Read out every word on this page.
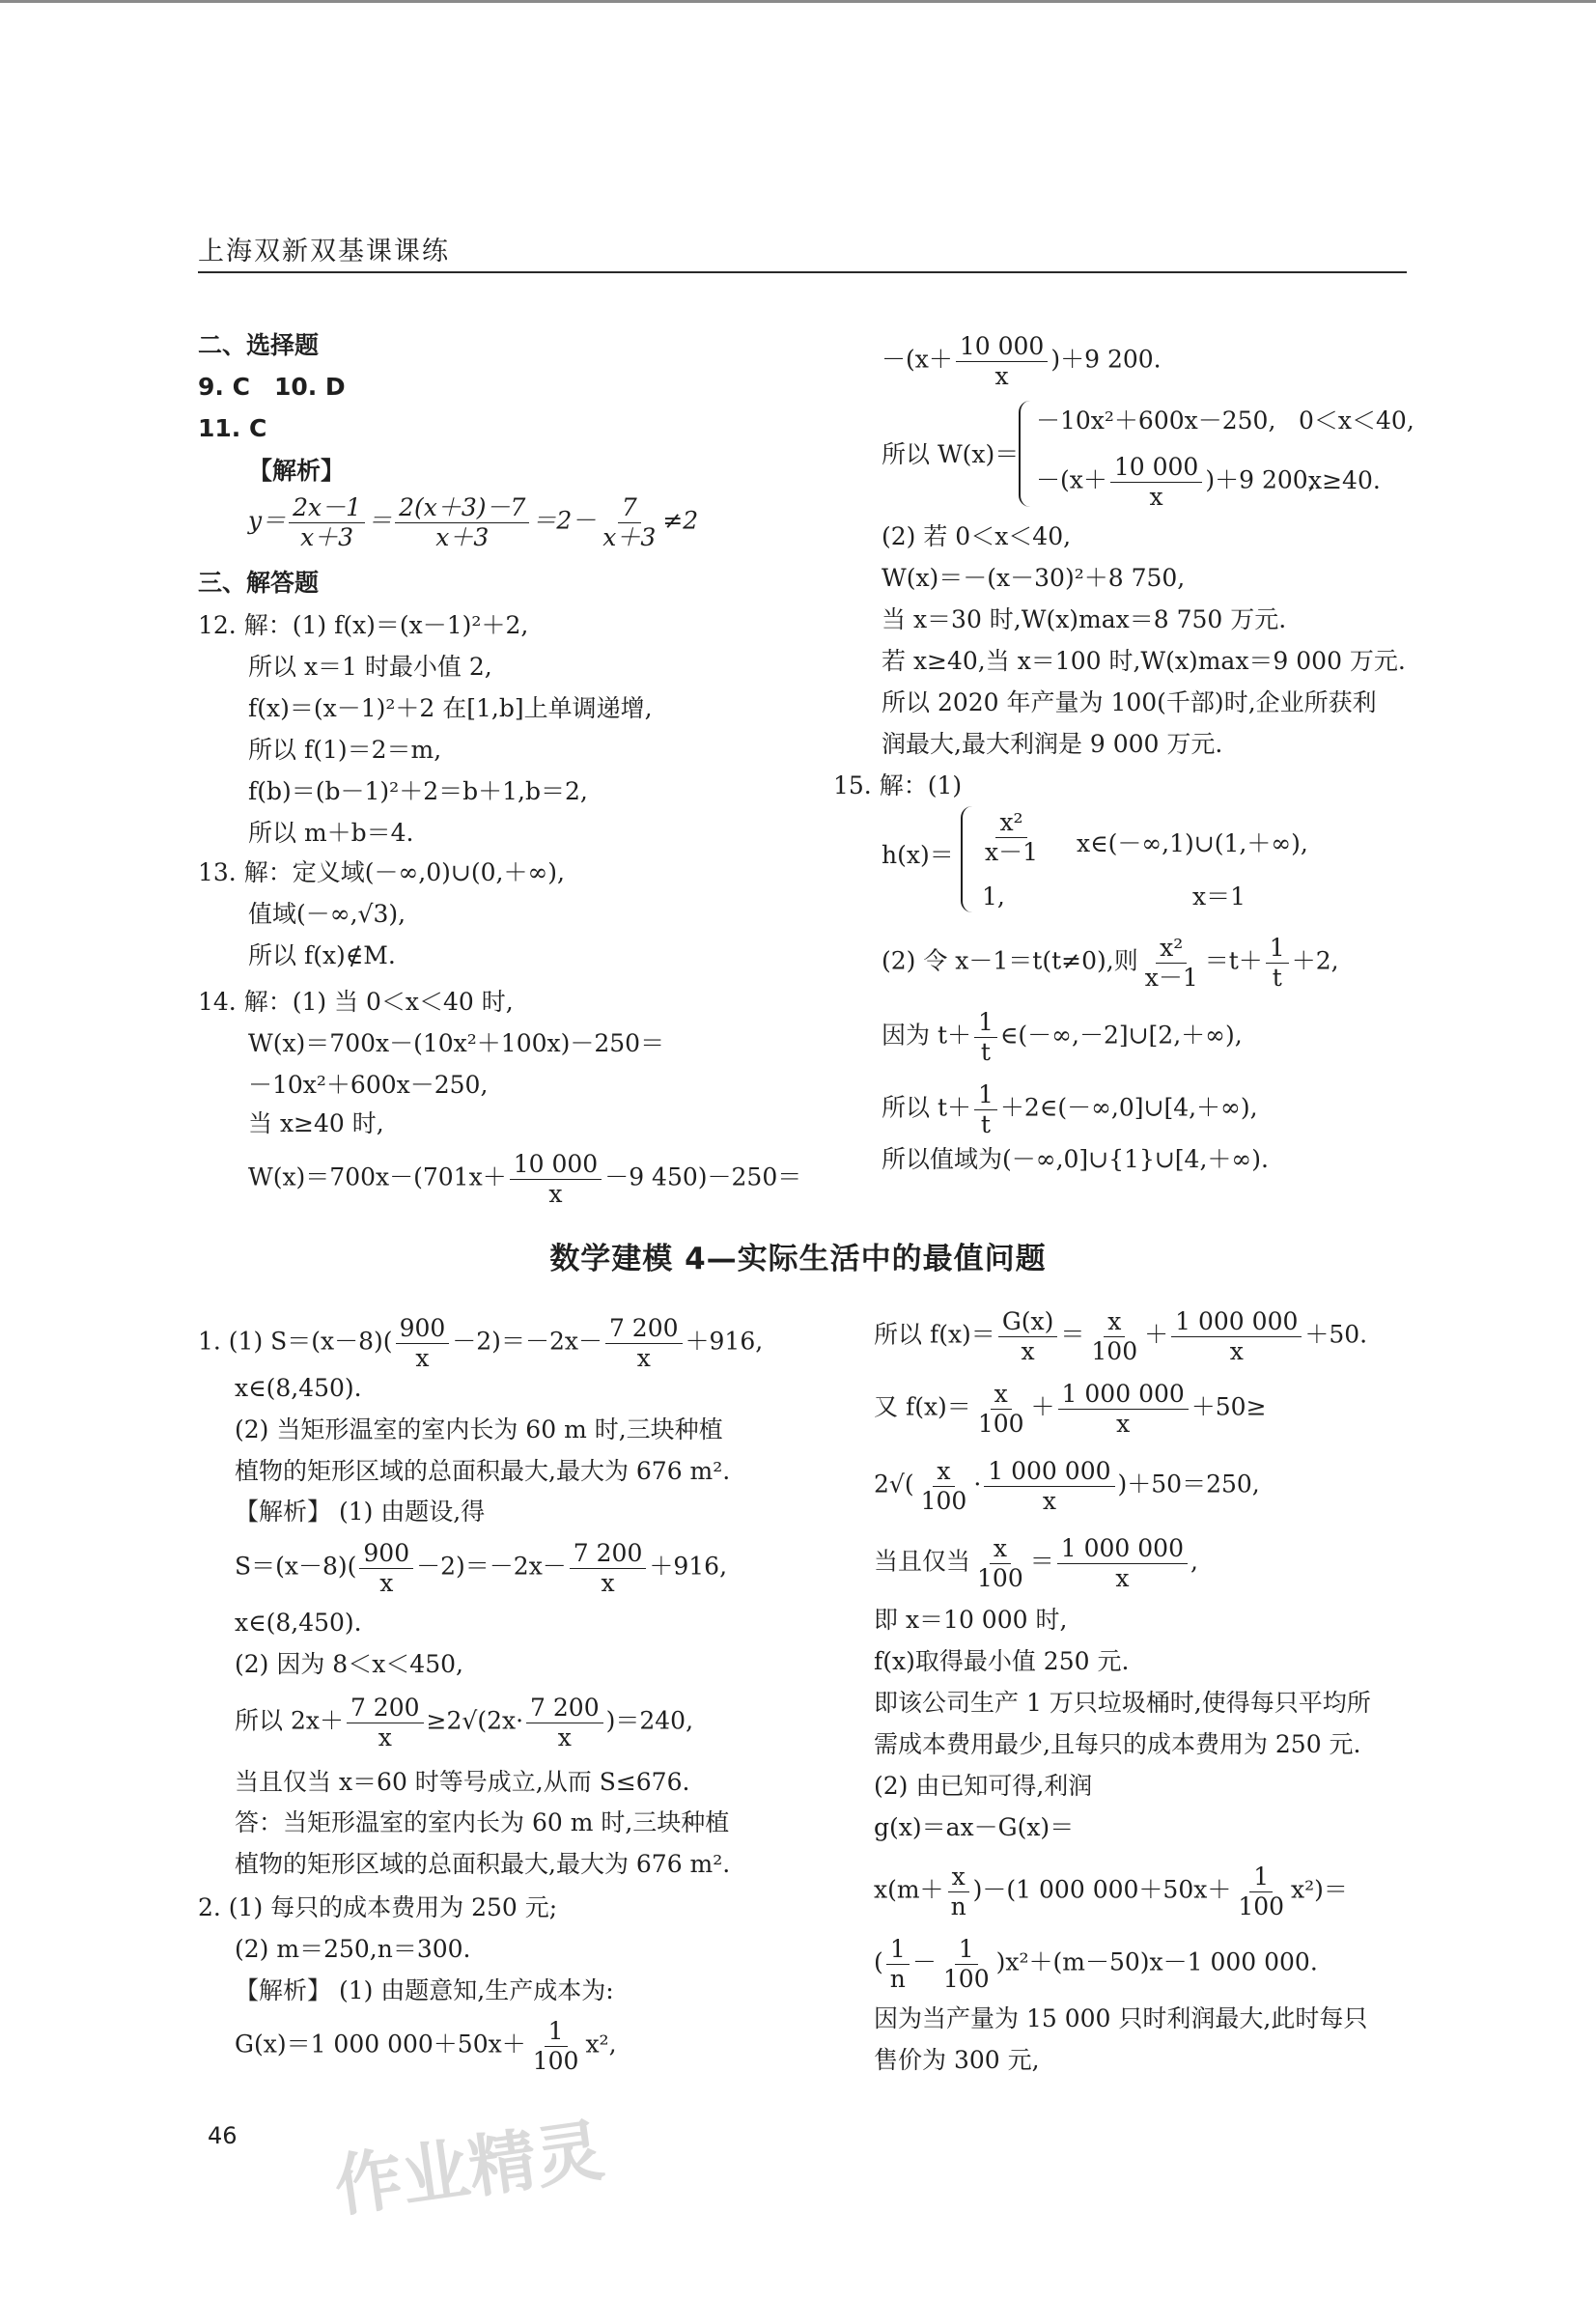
上海双新双基课课练
二、选择题
9. C　10. D
11. C
【解析】
$y= \frac{2x-1}{x+3} = \frac{2(x+3)-7}{x+3} =2- \frac{7}{x+3} \ne 2$
三、解答题
12. 解：(1) f(x)＝(x－1)²＋2,
所以 x＝1 时最小值 2,
f(x)＝(x－1)²＋2 在[1,b]上单调递增,
所以 f(1)＝2＝m,
f(b)＝(b－1)²＋2＝b＋1,b＝2,
所以 m＋b＝4.
13. 解：定义域(－∞,0)∪(0,＋∞),
值域(－∞,√3),
所以 f(x)∉M.
14. 解：(1) 当 0＜x＜40 时,
W(x)＝700x－(10x²＋100x)－250＝
－10x²＋600x－250,
当 x≥40 时,
$W(x)=700x-(701x+ \frac{10 000}{x} -9$ 450)－250＝
$-(x+ \frac{10 000}{x} )+9$ 200.
所以 W(x)＝
－10x²＋600x－250, 0＜x＜40,
$-(x+ \frac{10 000}{x} )+9$ 200,
x≥40.
(2) 若 0＜x＜40,
W(x)＝－(x－30)²＋8 750,
当 x＝30 时,W(x)max＝8 750 万元.
若 x≥40,当 x＝100 时,W(x)max＝9 000 万元.
所以 2020 年产量为 100(千部)时,企业所获利
润最大,最大利润是 9 000 万元.
15. 解：(1)
$h(x)= \frac{\text{x²}}{x-1}$ x∈(－∞,1)∪(1,＋∞),
1,	x＝1
(2) 令 x－1＝t(t≠0),则 $\frac{\text{x²}}{x-1} =t+ \frac{1}{t} +2$,
因为 $t+ \frac{1}{t}$ ∈(－∞,－2]∪[2,＋∞),
所以 $t+ \frac{1}{t}$ ＋2∈(－∞,0]∪[4,＋∞),
所以值域为(－∞,0]∪{1}∪[4,＋∞).
数学建模 4—实际生活中的最值问题
1. (1) $S=(x-8)( \frac{900}{x} -2)=-2x- \frac{7 200}{x} +916$,
x∈(8,450).
(2) 当矩形温室的室内长为 60 m 时,三块种植
植物的矩形区域的总面积最大,最大为 676 m².
【解析】 (1) 由题设,得
$S=(x-8)( \frac{900}{x} -2)=-2x- \frac{7 200}{x} +916$,
x∈(8,450).
(2) 因为 8＜x＜450,
所以 $2x+ \frac{7 200}{x} \ge 2√(2x\cdot \frac{7 200}{x} )=240$,
当且仅当 x＝60 时等号成立,从而 S≤676.
答：当矩形温室的室内长为 60 m 时,三块种植
植物的矩形区域的总面积最大,最大为 676 m².
2. (1) 每只的成本费用为 250 元;
(2) m＝250,n＝300.
【解析】 (1) 由题意知,生产成本为:
G(x)＝1 000 $000+50x+ \frac{1}{100} x^2$,
所以 $f(x)= \frac{G(x)}{x} = \frac{x}{100} + \frac{1 000 000}{x} +50$.
又 $f(x)= \frac{x}{100} + \frac{1 000 000}{x} +50\ge$
$2√( \frac{x}{100} \cdot \frac{1 000 000}{x} )+50=250$,
当且仅当 $\frac{x}{100} = \frac{1 000 000}{x}$ ,
即 x＝10 000 时,
f(x)取得最小值 250 元.
即该公司生产 1 万只垃圾桶时,使得每只平均所
需成本费用最少,且每只的成本费用为 250 元.
(2) 由已知可得,利润
g(x)＝ax－G(x)＝
$x(m+ \frac{x}{n} )-(1$ 000 $000+50x+ \frac{1}{100} x^2)=$
( $\frac{1}{n} - \frac{1}{100} )x^2+(m-50)x-1$ 000 000.
因为当产量为 15 000 只时利润最大,此时每只
售价为 300 元,
46 作业精灵
